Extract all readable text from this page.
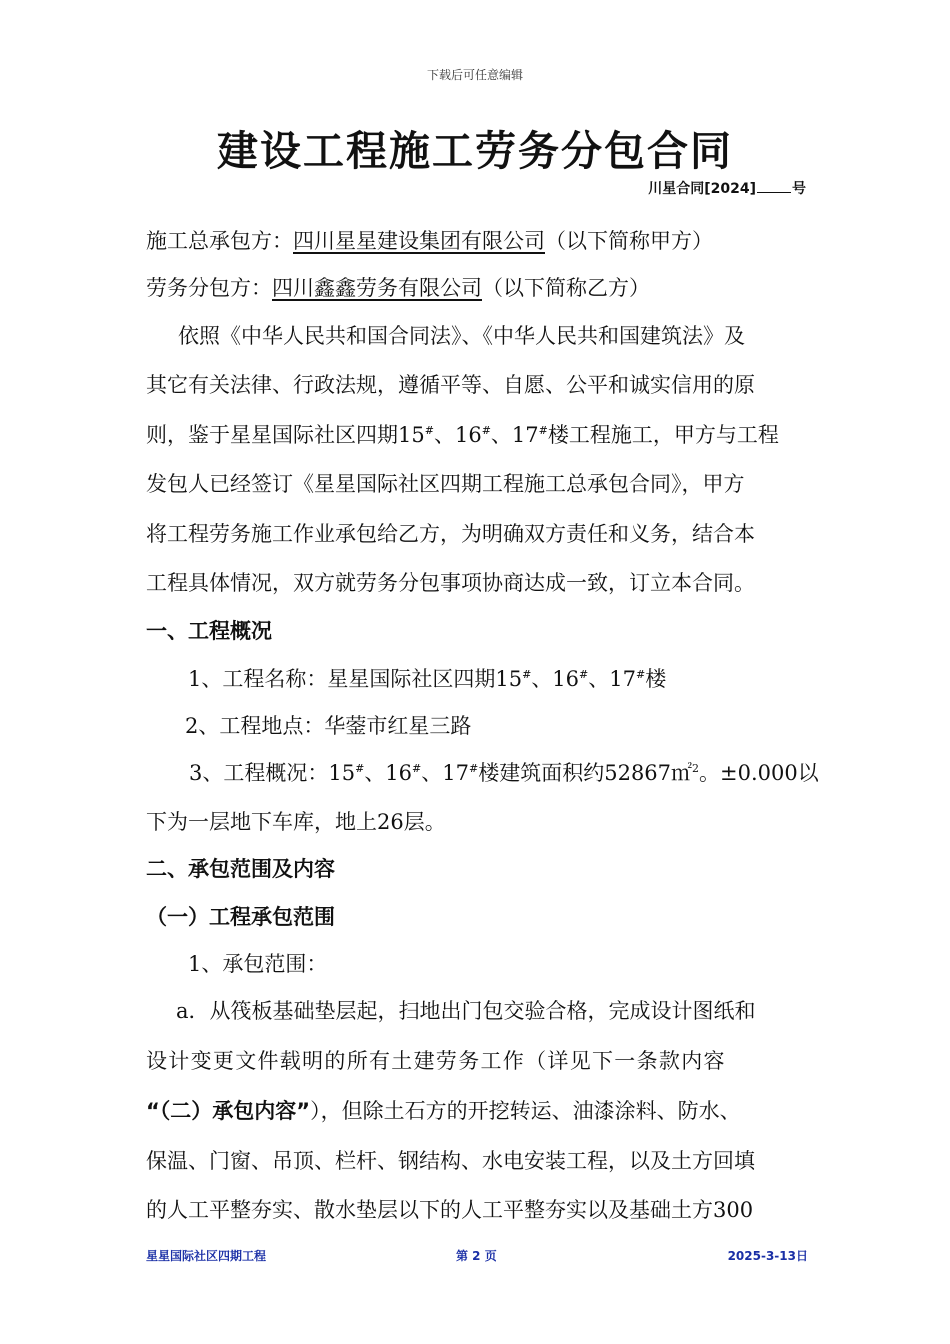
下载后可任意编辑
建设工程施工劳务分包合同
川星合同[2024]	号
施工总承包方：四川星星建设集团有限公司（以下简称甲方）
劳务分包方：四川鑫鑫劳务有限公司（以下简称乙方）
依照《中华人民共和国合同法》、《中华人民共和国建筑法》及
其它有关法律、行政法规，遵循平等、自愿、公平和诚实信用的原
则，鉴于星星国际社区四期15#、16#、17#楼工程施工，甲方与工程
发包人已经签订《星星国际社区四期工程施工总承包合同》，甲方
将工程劳务施工作业承包给乙方，为明确双方责任和义务，结合本
工程具体情况，双方就劳务分包事项协商达成一致，订立本合同。
一、工程概况
1、工程名称：星星国际社区四期15#、16#、17#楼
2、工程地点：华蓥市红星三路
3、工程概况：15#、16#、17#楼建筑面积约52867㎡$^2$。±0.000以
下为一层地下车库，地上26层。
二、承包范围及内容
（一）工程承包范围
1、承包范围：
a．从筏板基础垫层起，扫地出门包交验合格，完成设计图纸和
设计变更文件载明的所有土建劳务工作（详见下一条款内容
“（二）承包内容”），但除土石方的开挖转运、油漆涂料、防水、
保温、门窗、吊顶、栏杆、钢结构、水电安装工程，以及土方回填
的人工平整夯实、散水垫层以下的人工平整夯实以及基础土方300
星星国际社区四期工程	第 2 页	2025-3-13日
